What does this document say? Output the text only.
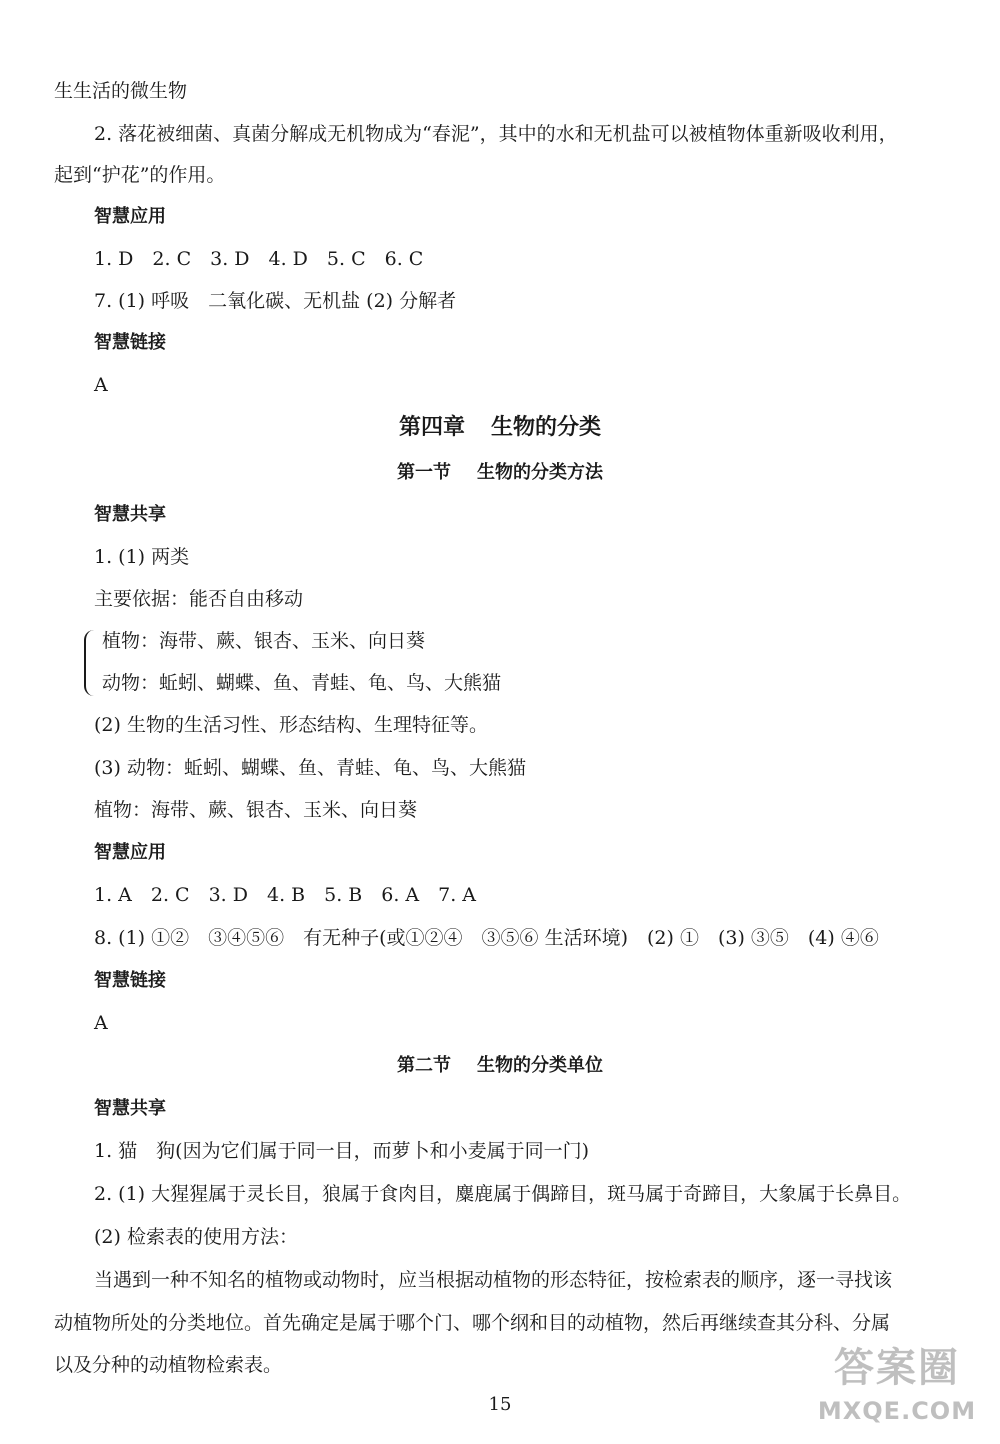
生生活的微生物
2. 落花被细菌、真菌分解成无机物成为“春泥”，其中的水和无机盐可以被植物体重新吸收利用，
起到“护花”的作用。
智慧应用
1. D　2. C　3. D　4. D　5. C　6. C
7. (1) 呼吸　二氧化碳、无机盐 (2) 分解者
智慧链接
A
第四章 生物的分类
第一节 生物的分类方法
智慧共享
1. (1) 两类
主要依据：能否自由移动
植物：海带、蕨、银杏、玉米、向日葵
动物：蚯蚓、蝴蝶、鱼、青蛙、龟、鸟、大熊猫
(2) 生物的生活习性、形态结构、生理特征等。
(3) 动物：蚯蚓、蝴蝶、鱼、青蛙、龟、鸟、大熊猫
植物：海带、蕨、银杏、玉米、向日葵
智慧应用
1. A　2. C　3. D　4. B　5. B　6. A　7. A
8. (1) ①②　③④⑤⑥　有无种子(或①②④　③⑤⑥ 生活环境)　(2) ①　(3) ③⑤　(4) ④⑥
智慧链接
A
第二节 生物的分类单位
智慧共享
1. 猫　狗(因为它们属于同一目，而萝卜和小麦属于同一门)
2. (1) 大猩猩属于灵长目，狼属于食肉目，麋鹿属于偶蹄目，斑马属于奇蹄目，大象属于长鼻目。
(2) 检索表的使用方法：
当遇到一种不知名的植物或动物时，应当根据动植物的形态特征，按检索表的顺序，逐一寻找该
动植物所处的分类地位。首先确定是属于哪个门、哪个纲和目的动植物，然后再继续查其分科、分属
以及分种的动植物检索表。
15
答案圈
MXQE.COM
